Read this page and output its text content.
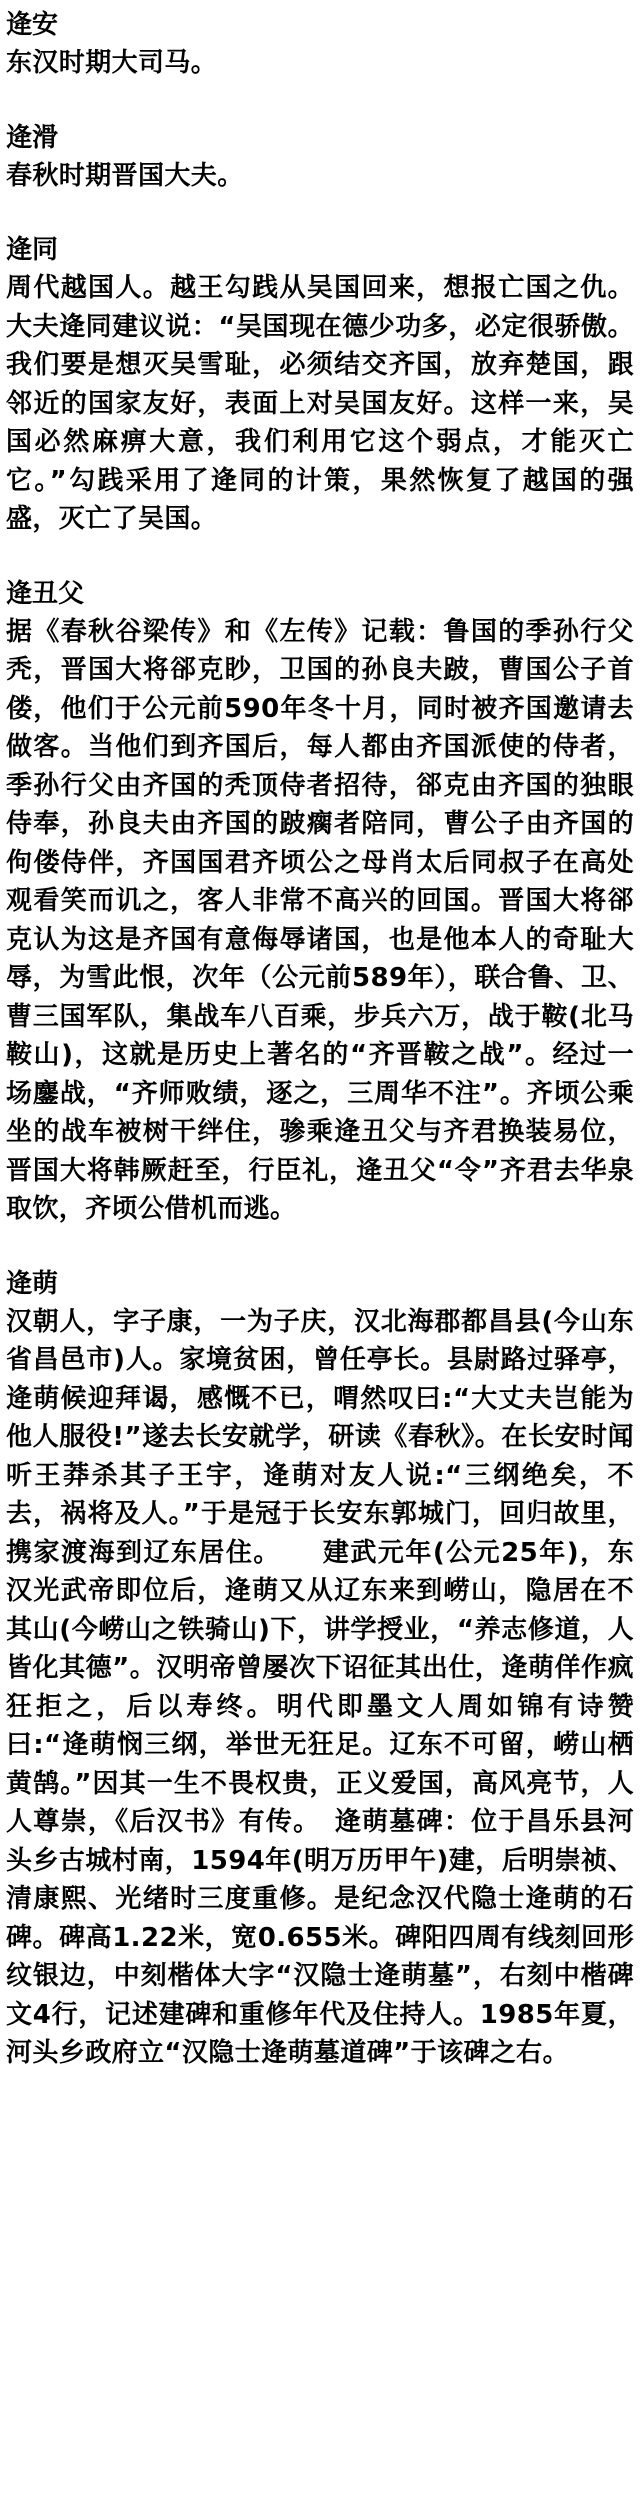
逄安

东汉时期大司马。

逄滑

春秋时期晋国大夫。

逄同

周代越国人。越王勾践从吴国回来，想报亡国之仇。大夫逄同建议说：“吴国现在德少功多，必定很骄傲。我们要是想灭吴雪耻，必须结交齐国，放弃楚国，跟邻近的国家友好，表面上对吴国友好。这样一来，吴国必然麻痹大意，我们利用它这个弱点，才能灭亡它。”勾践采用了逄同的计策，果然恢复了越国的强盛，灭亡了吴国。

逄丑父

据《春秋谷梁传》和《左传》记载：鲁国的季孙行父秃，晋国大将郤克眇，卫国的孙良夫跛，曹国公子首偻，他们于公元前590年冬十月，同时被齐国邀请去做客。当他们到齐国后，每人都由齐国派使的侍者，季孙行父由齐国的秃顶侍者招待，郤克由齐国的独眼侍奉，孙良夫由齐国的跛瘸者陪同，曹公子由齐国的佝偻侍伴，齐国国君齐顷公之母肖太后同叔子在高处观看笑而讥之，客人非常不高兴的回国。晋国大将郤克认为这是齐国有意侮辱诸国，也是他本人的奇耻大辱，为雪此恨，次年（公元前589年），联合鲁、卫、曹三国军队，集战车八百乘，步兵六万，战于鞍(北马鞍山)，这就是历史上著名的“齐晋鞍之战”。经过一场鏖战，“齐师败绩，逐之，三周华不注”。齐顷公乘坐的战车被树干绊住，骖乘逄丑父与齐君换装易位，晋国大将韩厥赶至，行臣礼，逄丑父“令”齐君去华泉取饮，齐顷公借机而逃。

逄萌

汉朝人，字子康，一为子庆，汉北海郡都昌县(今山东省昌邑市)人。家境贫困，曾任亭长。县尉路过驿亭，逄萌候迎拜谒，感慨不已，喟然叹曰:“大丈夫岂能为他人服役!”遂去长安就学，研读《春秋》。在长安时闻听王莽杀其子王宇，逄萌对友人说:“三纲绝矣，不去，祸将及人。”于是冠于长安东郭城门，回归故里，携家渡海到辽东居住。　　建武元年(公元25年)，东汉光武帝即位后，逄萌又从辽东来到崂山，隐居在不其山(今崂山之铁骑山)下，讲学授业，“养志修道，人皆化其德”。汉明帝曾屡次下诏征其出仕，逄萌佯作疯狂拒之，后以寿终。明代即墨文人周如锦有诗赞曰:“逄萌悯三纲，举世无狂足。辽东不可留，崂山栖黄鹄。”因其一生不畏权贵，正义爱国，高风亮节，人人尊崇，《后汉书》有传。　逄萌墓碑：位于昌乐县河头乡古城村南，1594年(明万历甲午)建，后明崇祯、清康熙、光绪时三度重修。是纪念汉代隐士逄萌的石碑。碑高1.22米，宽0.655米。碑阳四周有线刻回形纹银边，中刻楷体大字“汉隐士逄萌墓”，右刻中楷碑文4行，记述建碑和重修年代及住持人。1985年夏，河头乡政府立“汉隐士逄萌墓道碑”于该碑之右。
